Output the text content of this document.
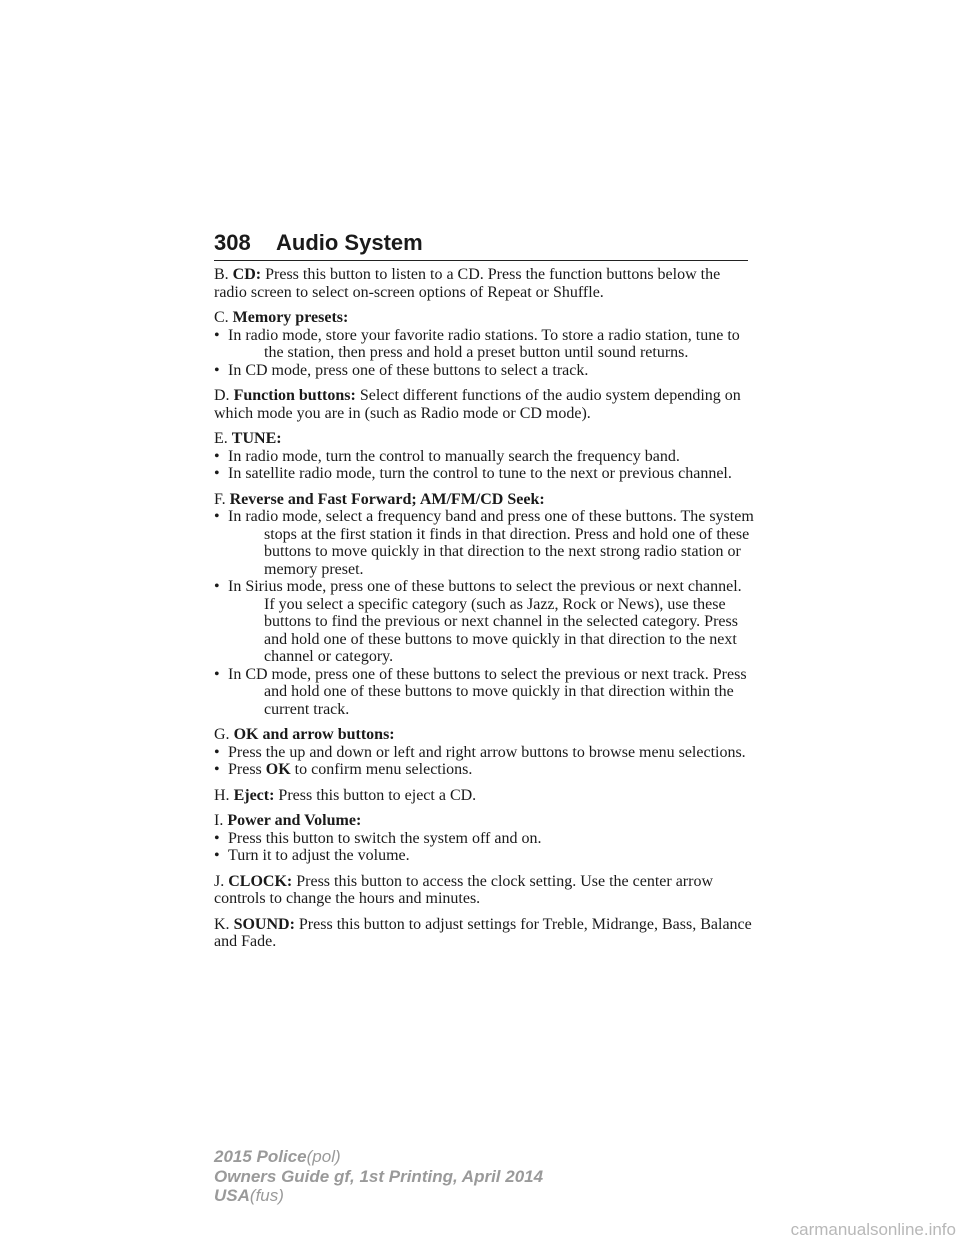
308 Audio System

B. CD: Press this button to listen to a CD. Press the function buttons below the radio screen to select on-screen options of Repeat or Shuffle.

C. Memory presets:

• In radio mode, store your favorite radio stations. To store a radio station, tune to the station, then press and hold a preset button until sound returns.
• In CD mode, press one of these buttons to select a track.

D. Function buttons: Select different functions of the audio system depending on which mode you are in (such as Radio mode or CD mode).

E. TUNE:

• In radio mode, turn the control to manually search the frequency band.
• In satellite radio mode, turn the control to tune to the next or previous channel.

F. Reverse and Fast Forward; AM/FM/CD Seek:

• In radio mode, select a frequency band and press one of these buttons. The system stops at the first station it finds in that direction. Press and hold one of these buttons to move quickly in that direction to the next strong radio station or memory preset.
• In Sirius mode, press one of these buttons to select the previous or next channel. If you select a specific category (such as Jazz, Rock or News), use these buttons to find the previous or next channel in the selected category. Press and hold one of these buttons to move quickly in that direction to the next channel or category.
• In CD mode, press one of these buttons to select the previous or next track. Press and hold one of these buttons to move quickly in that direction within the current track.

G. OK and arrow buttons:

• Press the up and down or left and right arrow buttons to browse menu selections.
• Press OK to confirm menu selections.

H. Eject: Press this button to eject a CD.

I. Power and Volume:

• Press this button to switch the system off and on.
• Turn it to adjust the volume.

J. CLOCK: Press this button to access the clock setting. Use the center arrow controls to change the hours and minutes.

K. SOUND: Press this button to adjust settings for Treble, Midrange, Bass, Balance and Fade.

2015 Police(pol)
Owners Guide gf, 1st Printing, April 2014
USA(fus)
carmanualsonline.info
